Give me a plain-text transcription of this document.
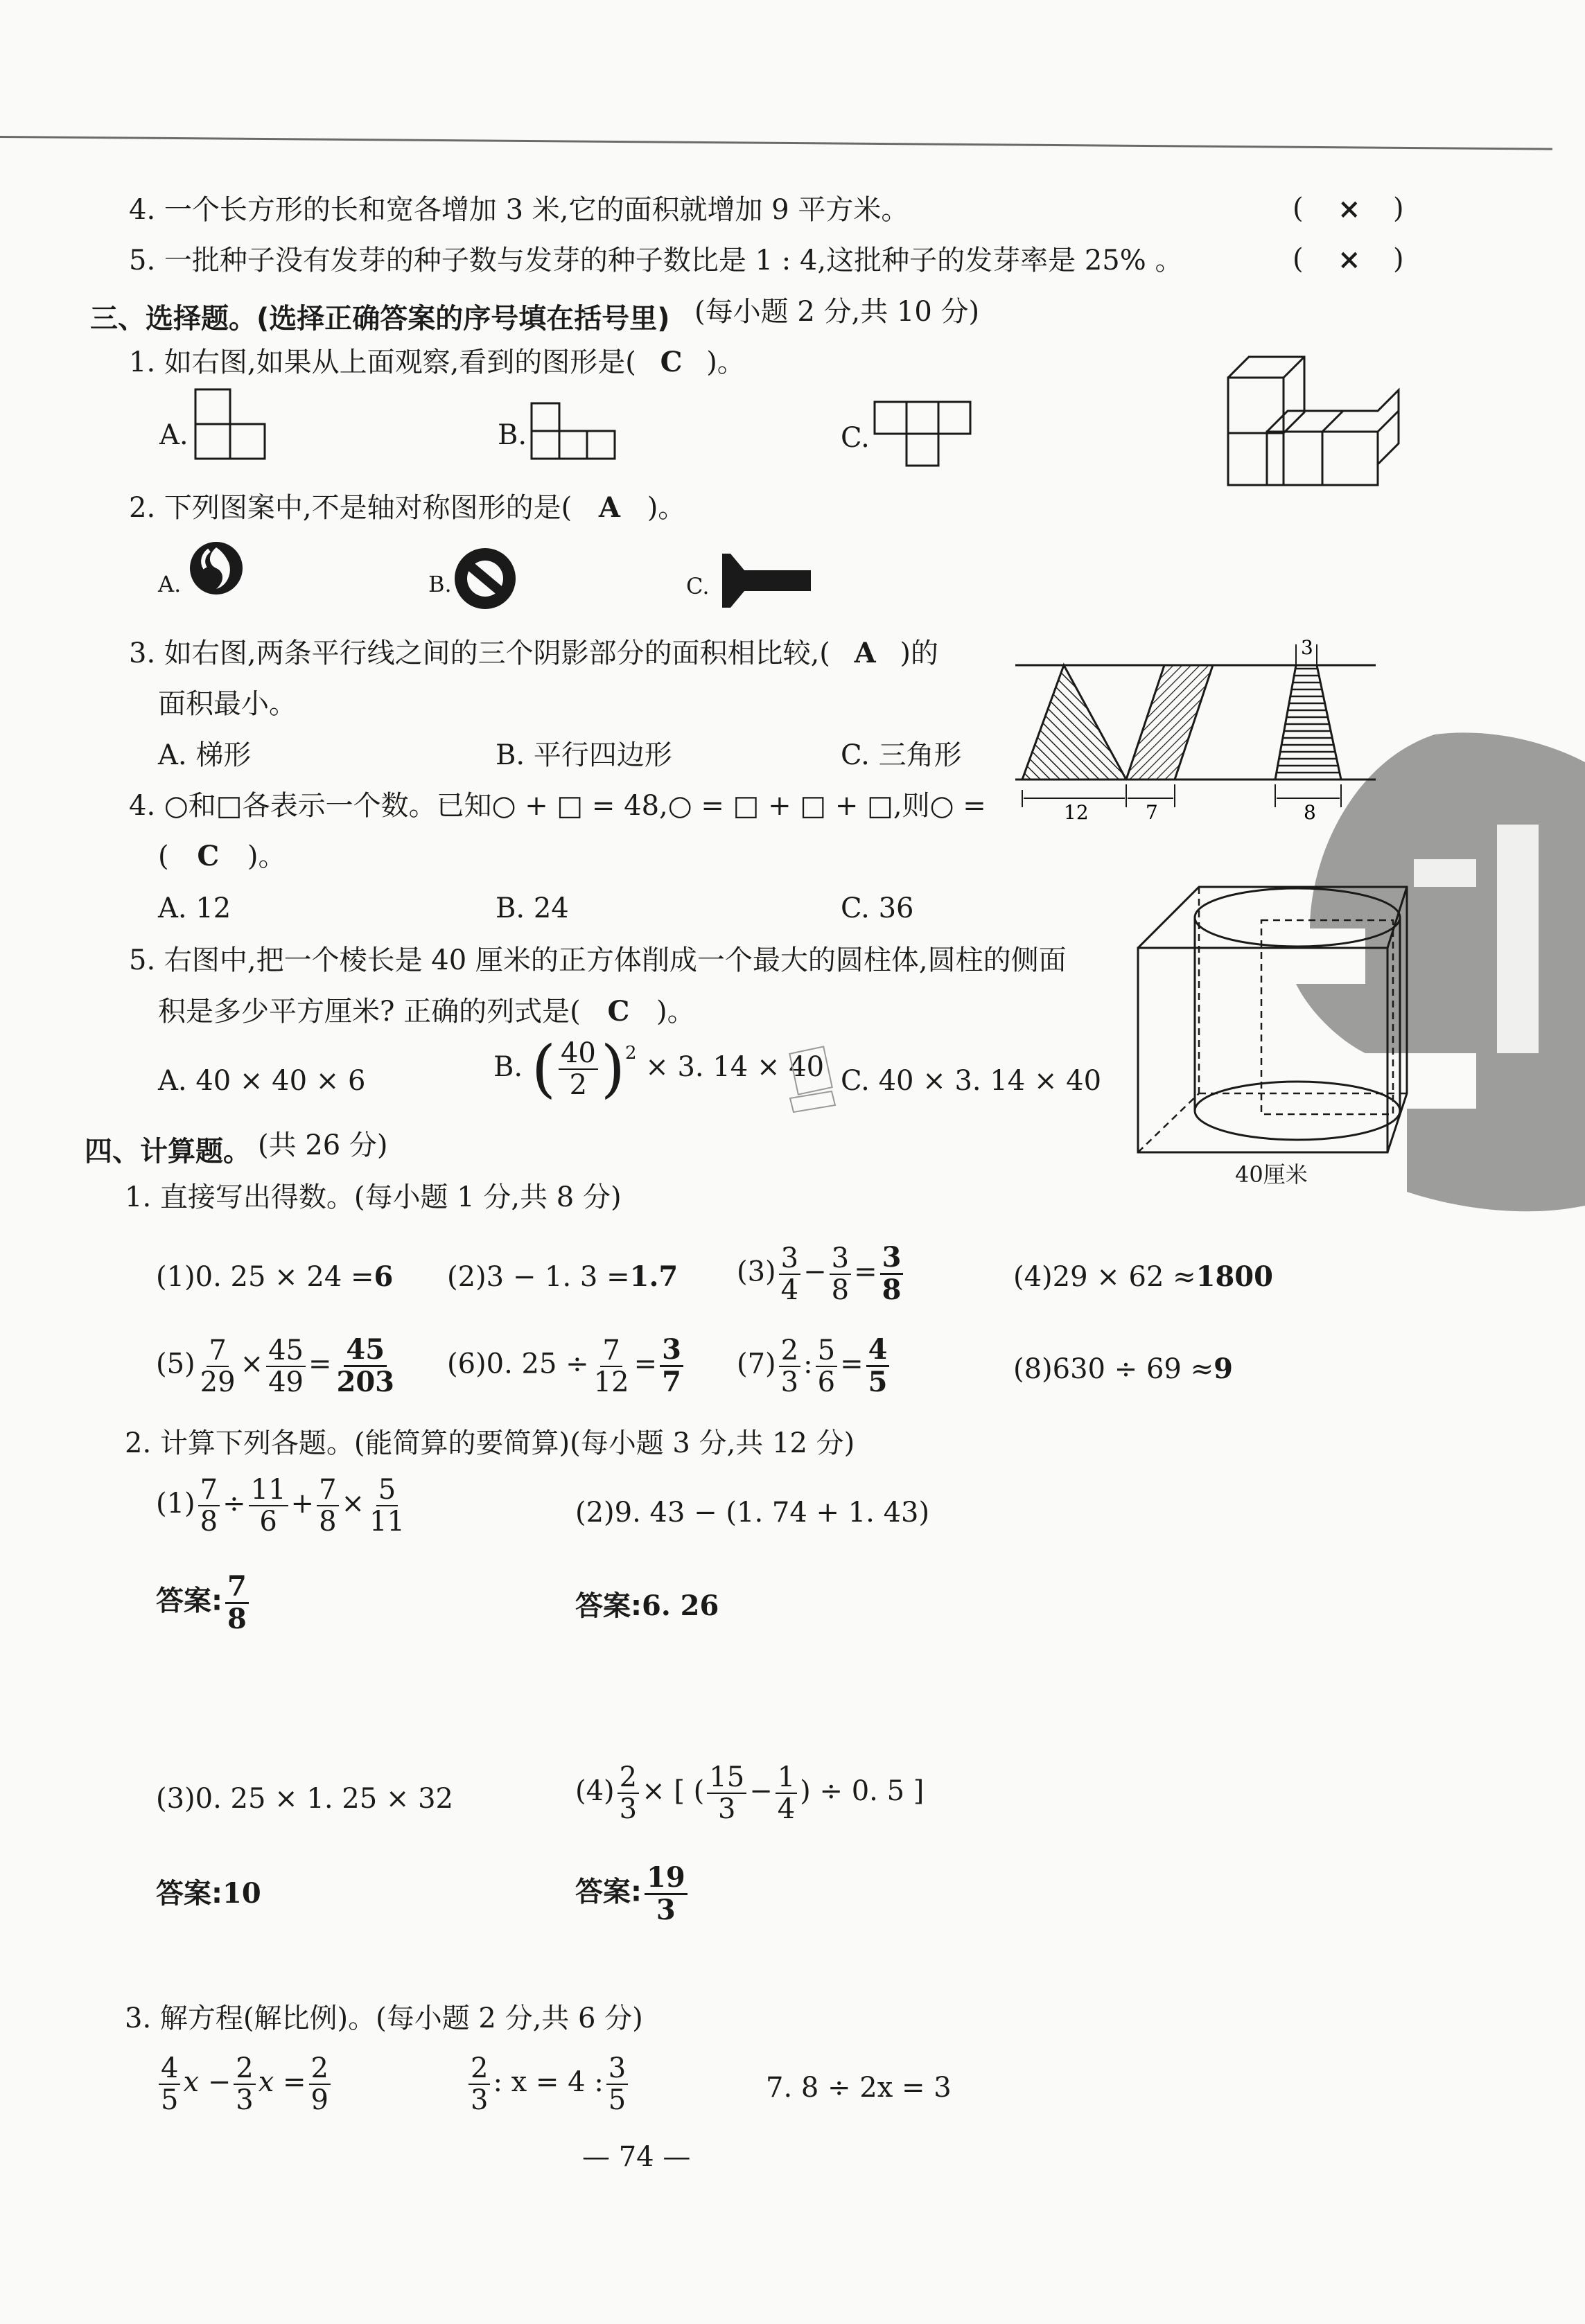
4. 一个长方形的长和宽各增加 3 米,它的面积就增加 9 平方米。	( × )
5. 一批种子没有发芽的种子数与发芽的种子数比是 1 : 4,这批种子的发芽率是 25% 。	( × )
三、选择题。(选择正确答案的序号填在括号里) (每小题 2 分,共 10 分)
1. 如右图,如果从上面观察,看到的图形是( C )。
A.	B.	C.
2. 下列图案中,不是轴对称图形的是( A )。
A.	B.	C.
3. 如右图,两条平行线之间的三个阴影部分的面积相比较,( A )的
面积最小。
A. 梯形	B. 平行四边形	C. 三角形
3
12	7	8
4. ○和□各表示一个数。已知○ + □ = 48,○ = □ + □ + □,则○ =
( C )。
A. 12	B. 24	C. 36
5. 右图中,把一个棱长是 40 厘米的正方体削成一个最大的圆柱体,圆柱的侧面
积是多少平方厘米? 正确的列式是( C )。
A. 40 × 40 × 6	B. ( $\frac{40}{2} )^2 \times 3$. 14 × 40 C. 40 × 3. 14 × 40
40厘米
四、计算题。 (共 26 分)
1. 直接写出得数。(每小题 1 分,共 8 分)
(1)0. 25 × 24 =6 (2)3 − 1. 3 =1.7 $(3) \frac{3}{4} - \frac{3}{8} = \frac{3}{8}$	(4)29 × 62 ≈1800
$(5) \frac{7}{29} \times \frac{45}{49} = \frac{45}{203} (6)0$. $25 \div \frac{7}{12} = \frac{3}{7} (7) \frac{2}{3}$ : $\frac{5}{6} = \frac{4}{5}$	(8)630 ÷ 69 ≈9
2. 计算下列各题。(能简算的要简算)(每小题 3 分,共 12 分)
$(1) \frac{7}{8} \div \frac{11}{6} + \frac{7}{8} \times \frac{5}{11}$	(2)9. 43 − (1. 74 + 1. 43)
答案: $\frac{7}{8}$	答案:6. 26
(3)0. 25 × 1. 25 × 32	$(4) \frac{2}{3}$ × [ ( $\frac{15}{3} - \frac{1}{4}$ ) ÷ 0. 5 ]
答案:10	答案: $\frac{19}{3}$
3. 解方程(解比例)。(每小题 2 分,共 6 分)
$\frac{4}{5}$ $x - \frac{2}{3}$ $x = \frac{2}{9}$	$\frac{2}{3}$ : x = 4 : $\frac{3}{5}$	7. 8 ÷ 2x = 3
— 74 —
